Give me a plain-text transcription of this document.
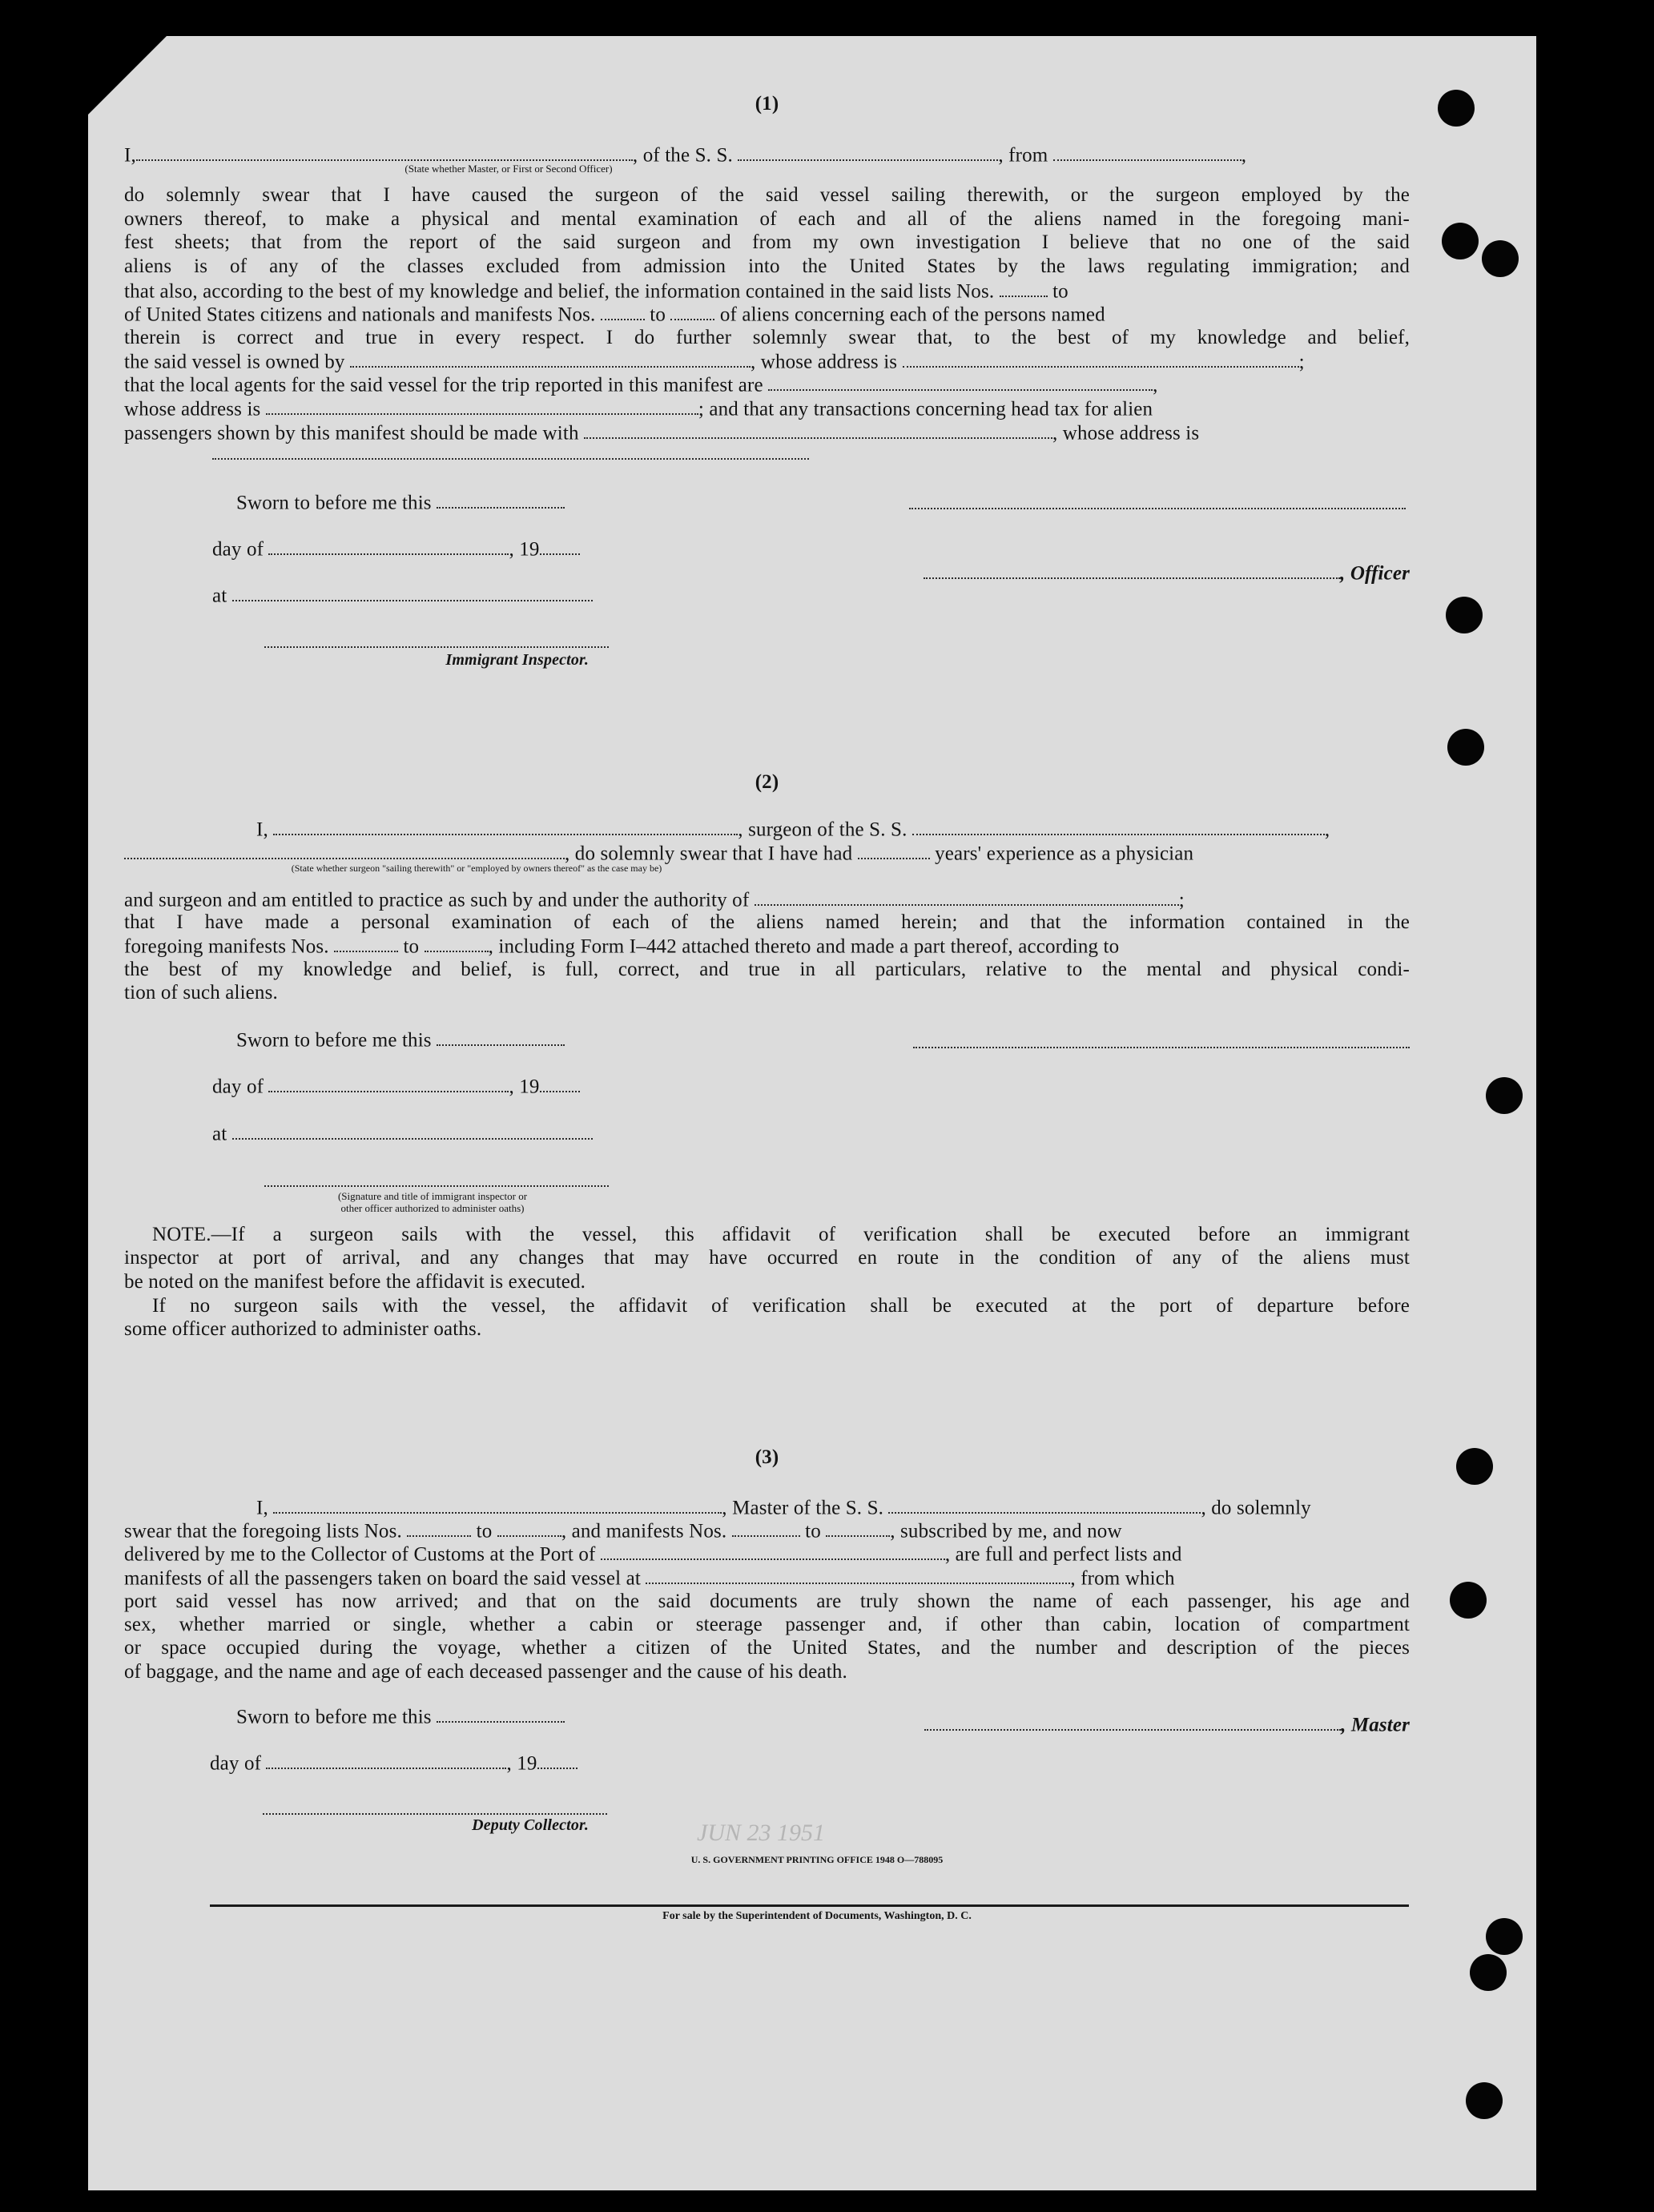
JUN 23 1951
(1)
I,	, of the S. S.	, from	,
(State whether Master, or First or Second Officer)
do solemnly swear that I have caused the surgeon of the said vessel sailing therewith, or the surgeon employed by the
owners thereof, to make a physical and mental examination of each and all of the aliens named in the foregoing mani-
fest sheets; that from the report of the said surgeon and from my own investigation I believe that no one of the said
aliens is of any of the classes excluded from admission into the United States by the laws regulating immigration; and
that also, according to the best of my knowledge and belief, the information contained in the said lists Nos.	to
of United States citizens and nationals and manifests Nos.	to	of aliens concerning each of the persons named
therein is correct and true in every respect. I do further solemnly swear that, to the best of my knowledge and belief,
the said vessel is owned by	, whose address is	;
that the local agents for the said vessel for the trip reported in this manifest are	,
whose address is	; and that any transactions concerning head tax for alien
passengers shown by this manifest should be made with	, whose address is
Sworn to before me this
day of	, 19
, Officer
at
Immigrant Inspector.
(2)
I,	, surgeon of the S. S.	,
, do solemnly swear that I have had	years' experience as a physician
(State whether surgeon "sailing therewith" or "employed by owners thereof" as the case may be)
and surgeon and am entitled to practice as such by and under the authority of	;
that I have made a personal examination of each of the aliens named herein; and that the information contained in the
foregoing manifests Nos.	to	, including Form I–442 attached thereto and made a part thereof, according to
the best of my knowledge and belief, is full, correct, and true in all particulars, relative to the mental and physical condi-
tion of such aliens.
Sworn to before me this
day of	, 19
at
(Signature and title of immigrant inspector or
other officer authorized to administer oaths)
NOTE.—If a surgeon sails with the vessel, this affidavit of verification shall be executed before an immigrant
inspector at port of arrival, and any changes that may have occurred en route in the condition of any of the aliens must
be noted on the manifest before the affidavit is executed.
If no surgeon sails with the vessel, the affidavit of verification shall be executed at the port of departure before
some officer authorized to administer oaths.
(3)
I,	, Master of the S. S.	, do solemnly
swear that the foregoing lists Nos.	to	, and manifests Nos.	to	, subscribed by me, and now
delivered by me to the Collector of Customs at the Port of	, are full and perfect lists and
manifests of all the passengers taken on board the said vessel at	, from which
port said vessel has now arrived; and that on the said documents are truly shown the name of each passenger, his age and
sex, whether married or single, whether a cabin or steerage passenger and, if other than cabin, location of compartment
or space occupied during the voyage, whether a citizen of the United States, and the number and description of the pieces
of baggage, and the name and age of each deceased passenger and the cause of his death.
Sworn to before me this	, Master
day of	, 19
Deputy Collector.
U. S. GOVERNMENT PRINTING OFFICE 1948 O—788095
For sale by the Superintendent of Documents, Washington, D. C.
